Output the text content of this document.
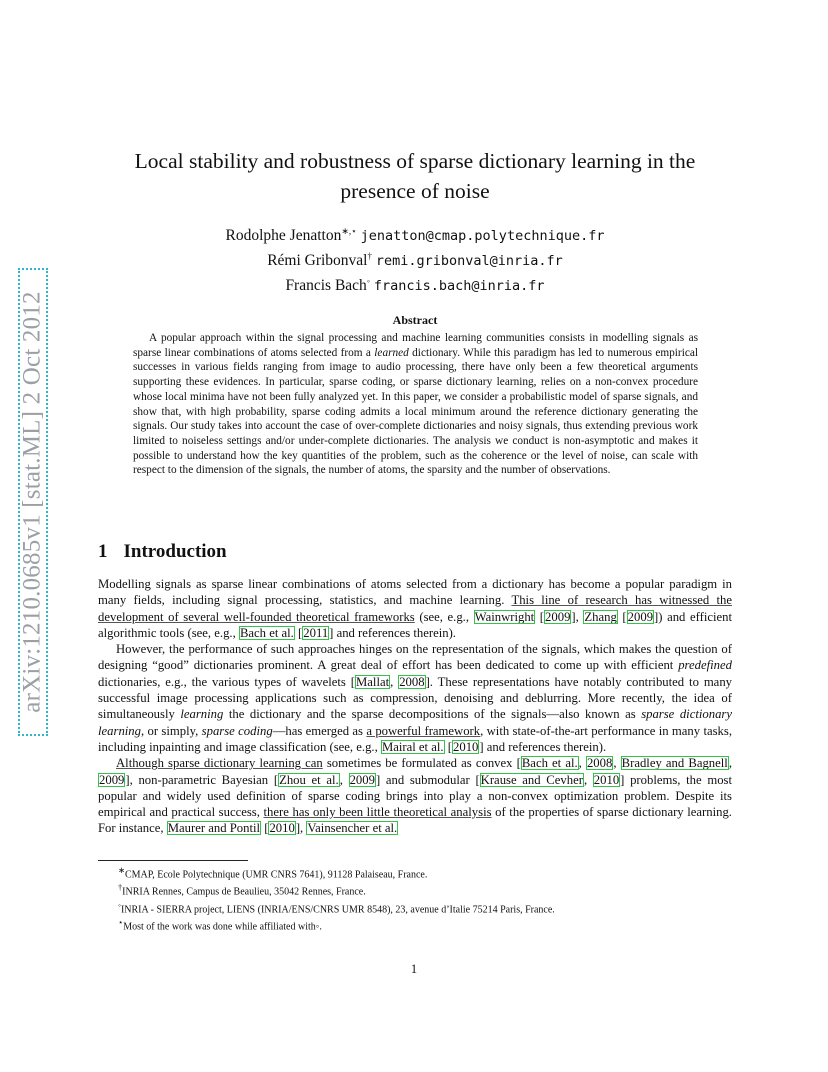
arXiv:1210.0685v1 [stat.ML] 2 Oct 2012
Local stability and robustness of sparse dictionary learning in the presence of noise
Rodolphe Jenatton∗,⋆ jenatton@cmap.polytechnique.fr
Rémi Gribonval† remi.gribonval@inria.fr
Francis Bach◦ francis.bach@inria.fr
Abstract

A popular approach within the signal processing and machine learning communities consists in modelling signals as sparse linear combinations of atoms selected from a learned dictionary. While this paradigm has led to numerous empirical successes in various fields ranging from image to audio processing, there have only been a few theoretical arguments supporting these evidences. In particular, sparse coding, or sparse dictionary learning, relies on a non-convex procedure whose local minima have not been fully analyzed yet. In this paper, we consider a probabilistic model of sparse signals, and show that, with high probability, sparse coding admits a local minimum around the reference dictionary generating the signals. Our study takes into account the case of over-complete dictionaries and noisy signals, thus extending previous work limited to noiseless settings and/or under-complete dictionaries. The analysis we conduct is non-asymptotic and makes it possible to understand how the key quantities of the problem, such as the coherence or the level of noise, can scale with respect to the dimension of the signals, the number of atoms, the sparsity and the number of observations.

1 Introduction

Modelling signals as sparse linear combinations of atoms selected from a dictionary has become a popular paradigm in many fields, including signal processing, statistics, and machine learning. This line of research has witnessed the development of several well-founded theoretical frameworks (see, e.g., Wainwright [2009], Zhang [2009]) and efficient algorithmic tools (see, e.g., Bach et al. [2011] and references therein).

However, the performance of such approaches hinges on the representation of the signals, which makes the question of designing “good” dictionaries prominent. A great deal of effort has been dedicated to come up with efficient predefined dictionaries, e.g., the various types of wavelets [Mallat, 2008]. These representations have notably contributed to many successful image processing applications such as compression, denoising and deblurring. More recently, the idea of simultaneously learning the dictionary and the sparse decompositions of the signals—also known as sparse dictionary learning, or simply, sparse coding—has emerged as a powerful framework, with state-of-the-art performance in many tasks, including inpainting and image classification (see, e.g., Mairal et al. [2010] and references therein).

Although sparse dictionary learning can sometimes be formulated as convex [Bach et al., 2008, Bradley and Bagnell, 2009], non-parametric Bayesian [Zhou et al., 2009] and submodular [Krause and Cevher, 2010] problems, the most popular and widely used definition of sparse coding brings into play a non-convex optimization problem. Despite its empirical and practical success, there has only been little theoretical analysis of the properties of sparse dictionary learning. For instance, Maurer and Pontil [2010], Vainsencher et al.

∗CMAP, Ecole Polytechnique (UMR CNRS 7641), 91128 Palaiseau, France.
†INRIA Rennes, Campus de Beaulieu, 35042 Rennes, France.
◦INRIA - SIERRA project, LIENS (INRIA/ENS/CNRS UMR 8548), 23, avenue d’Italie 75214 Paris, France.
⋆Most of the work was done while affiliated with◦.
1
